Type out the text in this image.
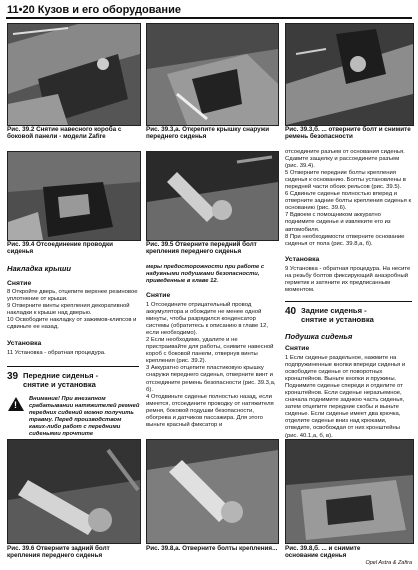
11•20 Кузов и его оборудование
Рис. 39.2 Снятие навесного короба с боковой панели - модели Zafire
Рис. 39.3,a. Открепите крышку снаружи переднего сиденья
Рис. 39.3,б. ... отверните болт и снимите ремень безопасности
Рис. 39.4 Отсоединение проводки сиденья
Рис. 39.5 Отверните передний болт крепления переднего сиденья
Накладка крыши
Снятие

8 Откройте дверь, отцепите верхнее резиновое уплотнение от крыши.

9 Отверните винты крепления декоративной накладки к крыше над дверью.

10 Освободите накладку от зажимов-клипсов и сдвиньте ее назад.

Установка

11 Установка - обратная процедура.

39 Передние сиденья -
снятие и установка
!
Внимание! При внезапном срабатывании натяжителей ремней передних сидений можно получить травму. Перед производством каких-либо работ с передними сиденьями прочтите
меры предосторожности при работе с надувными подушками безопасности, приведенные в главе 12.
Снятие

1 Отсоедините отрицательный провод аккумулятора и обождите не менее одной минуты, чтобы разрядился конденсатор системы (обратитесь к описанию в главе 12, если необходимо).

2 Если необходимо, удалите и не пристраивайте для работы, снимите навесной короб с боковой панели, отвернув винты крепления (рис. 39.2).

3 Аккуратно отцепите пластиковую крышку снаружи переднего сиденья, отверните винт и отсоедините ремень безопасности (рис. 39.3,a, б).

4 Отодвиньте сиденье полностью назад, если имеется, отсоедините проводку от натяжителя ремня, боковой подушки безопасности, обогрева и датчиков пассажира. Для этого выньте красный фиксатор и

отсоедините разъем от основания сиденья. Сдавите защелку и рассоедините разъем (рис. 39.4).

5 Отверните передние болты крепления сиденья к основанию. Болты установлены в передней части обоих рельсов (рис. 39.5).

6 Сдвиньте сиденье полностью вперед и отверните задние болты крепления сиденья к основанию (рис. 39.6).

7 Вдвоем с помощником аккуратно поднимите сиденье и извлеките его из автомобиля.

8 При необходимости отверните основание сиденья от пола (рис. 39.8,a, б).

Установка

9 Установка - обратная процедура. На несите на резьбу болтов фиксирующий анаэробный герметик и затяните их предписанным моментом.

40 Задние сиденья -
снятие и установка
Подушка сиденья
Снятие

1 Если сиденье раздельное, нажмите на подпружиненные кнопки впереди сиденья и освободите сиденье от поворотных кронштейнов. Выньте кнопки и пружины. Поднимите сиденье спереди и отделите от кронштейнов. Если сиденье неразъемное, сначала поднимите заднюю часть сиденья, затем отцепите передние скобы и выньте сиденье. Если сиденье имеет два крючка, отделите сиденье вниз над крюками, отведите, освобождая от них кронштейны (рис. 40.1,a, б, в).

Рис. 39.6 Отверните задний болт крепления переднего сиденья
Рис. 39.8,a. Отверните болты крепления... Рис. 39.8,б. ... и снимите основание сиденья
Opel Astra & Zafira
